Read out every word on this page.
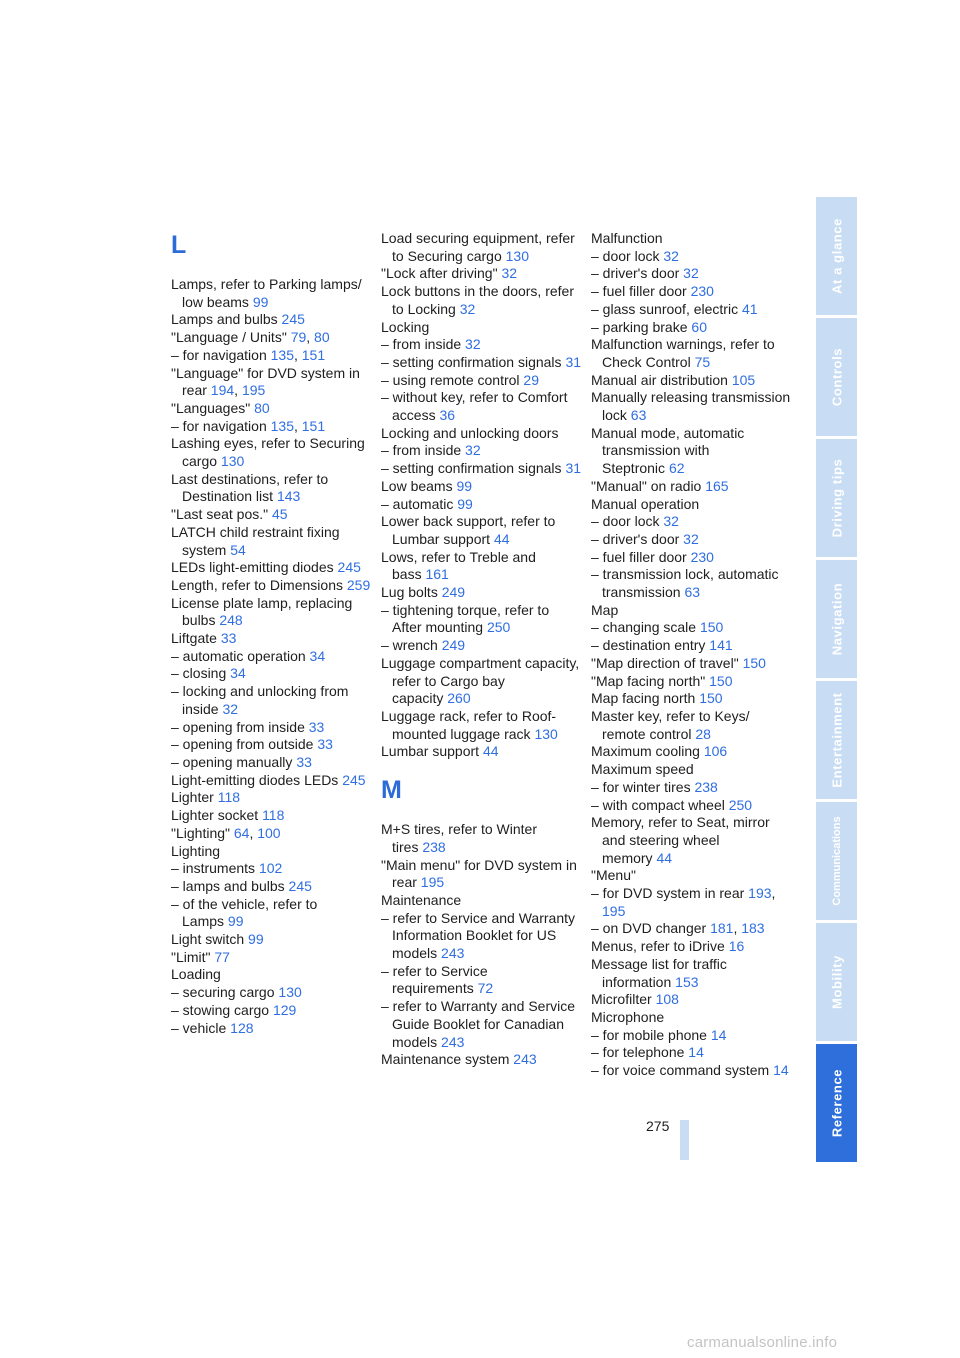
L

Lamps, refer to Parking lamps/ low beams 99

Lamps and bulbs 245

"Language / Units" 79, 80

– for navigation 135, 151

"Language" for DVD system in rear 194, 195

"Languages" 80

– for navigation 135, 151

Lashing eyes, refer to Securing cargo 130

Last destinations, refer to Destination list 143

"Last seat pos." 45

LATCH child restraint fixing system 54

LEDs light-emitting diodes 245

Length, refer to Dimensions 259

License plate lamp, replacing bulbs 248

Liftgate 33

– automatic operation 34

– closing 34

– locking and unlocking from inside 32

– opening from inside 33

– opening from outside 33

– opening manually 33

Light-emitting diodes LEDs 245

Lighter 118

Lighter socket 118

"Lighting" 64, 100

Lighting

– instruments 102

– lamps and bulbs 245

– of the vehicle, refer to Lamps 99

Light switch 99

"Limit" 77

Loading

– securing cargo 130

– stowing cargo 129

– vehicle 128

Load securing equipment, refer to Securing cargo 130

"Lock after driving" 32

Lock buttons in the doors, refer to Locking 32

Locking

– from inside 32

– setting confirmation signals 31

– using remote control 29

– without key, refer to Comfort access 36

Locking and unlocking doors

– from inside 32

– setting confirmation signals 31

Low beams 99

– automatic 99

Lower back support, refer to Lumbar support 44

Lows, refer to Treble and bass 161

Lug bolts 249

– tightening torque, refer to After mounting 250

– wrench 249

Luggage compartment capacity, refer to Cargo bay capacity 260

Luggage rack, refer to Roof-mounted luggage rack 130

Lumbar support 44

M

M+S tires, refer to Winter tires 238

"Main menu" for DVD system in rear 195

Maintenance

– refer to Service and Warranty Information Booklet for US models 243

– refer to Service requirements 72

– refer to Warranty and Service Guide Booklet for Canadian models 243

Maintenance system 243

Malfunction

– door lock 32

– driver's door 32

– fuel filler door 230

– glass sunroof, electric 41

– parking brake 60

Malfunction warnings, refer to Check Control 75

Manual air distribution 105

Manually releasing transmission lock 63

Manual mode, automatic transmission with Steptronic 62

"Manual" on radio 165

Manual operation

– door lock 32

– driver's door 32

– fuel filler door 230

– transmission lock, automatic transmission 63

Map

– changing scale 150

– destination entry 141

"Map direction of travel" 150

"Map facing north" 150

Map facing north 150

Master key, refer to Keys/ remote control 28

Maximum cooling 106

Maximum speed

– for winter tires 238

– with compact wheel 250

Memory, refer to Seat, mirror and steering wheel memory 44

"Menu"

– for DVD system in rear 193, 195

– on DVD changer 181, 183

Menus, refer to iDrive 16

Message list for traffic information 153

Microfilter 108

Microphone

– for mobile phone 14

– for telephone 14

– for voice command system 14

At a glance
Controls
Driving tips
Navigation
Entertainment
Communications
Mobility
Reference
275
carmanualsonline.info
